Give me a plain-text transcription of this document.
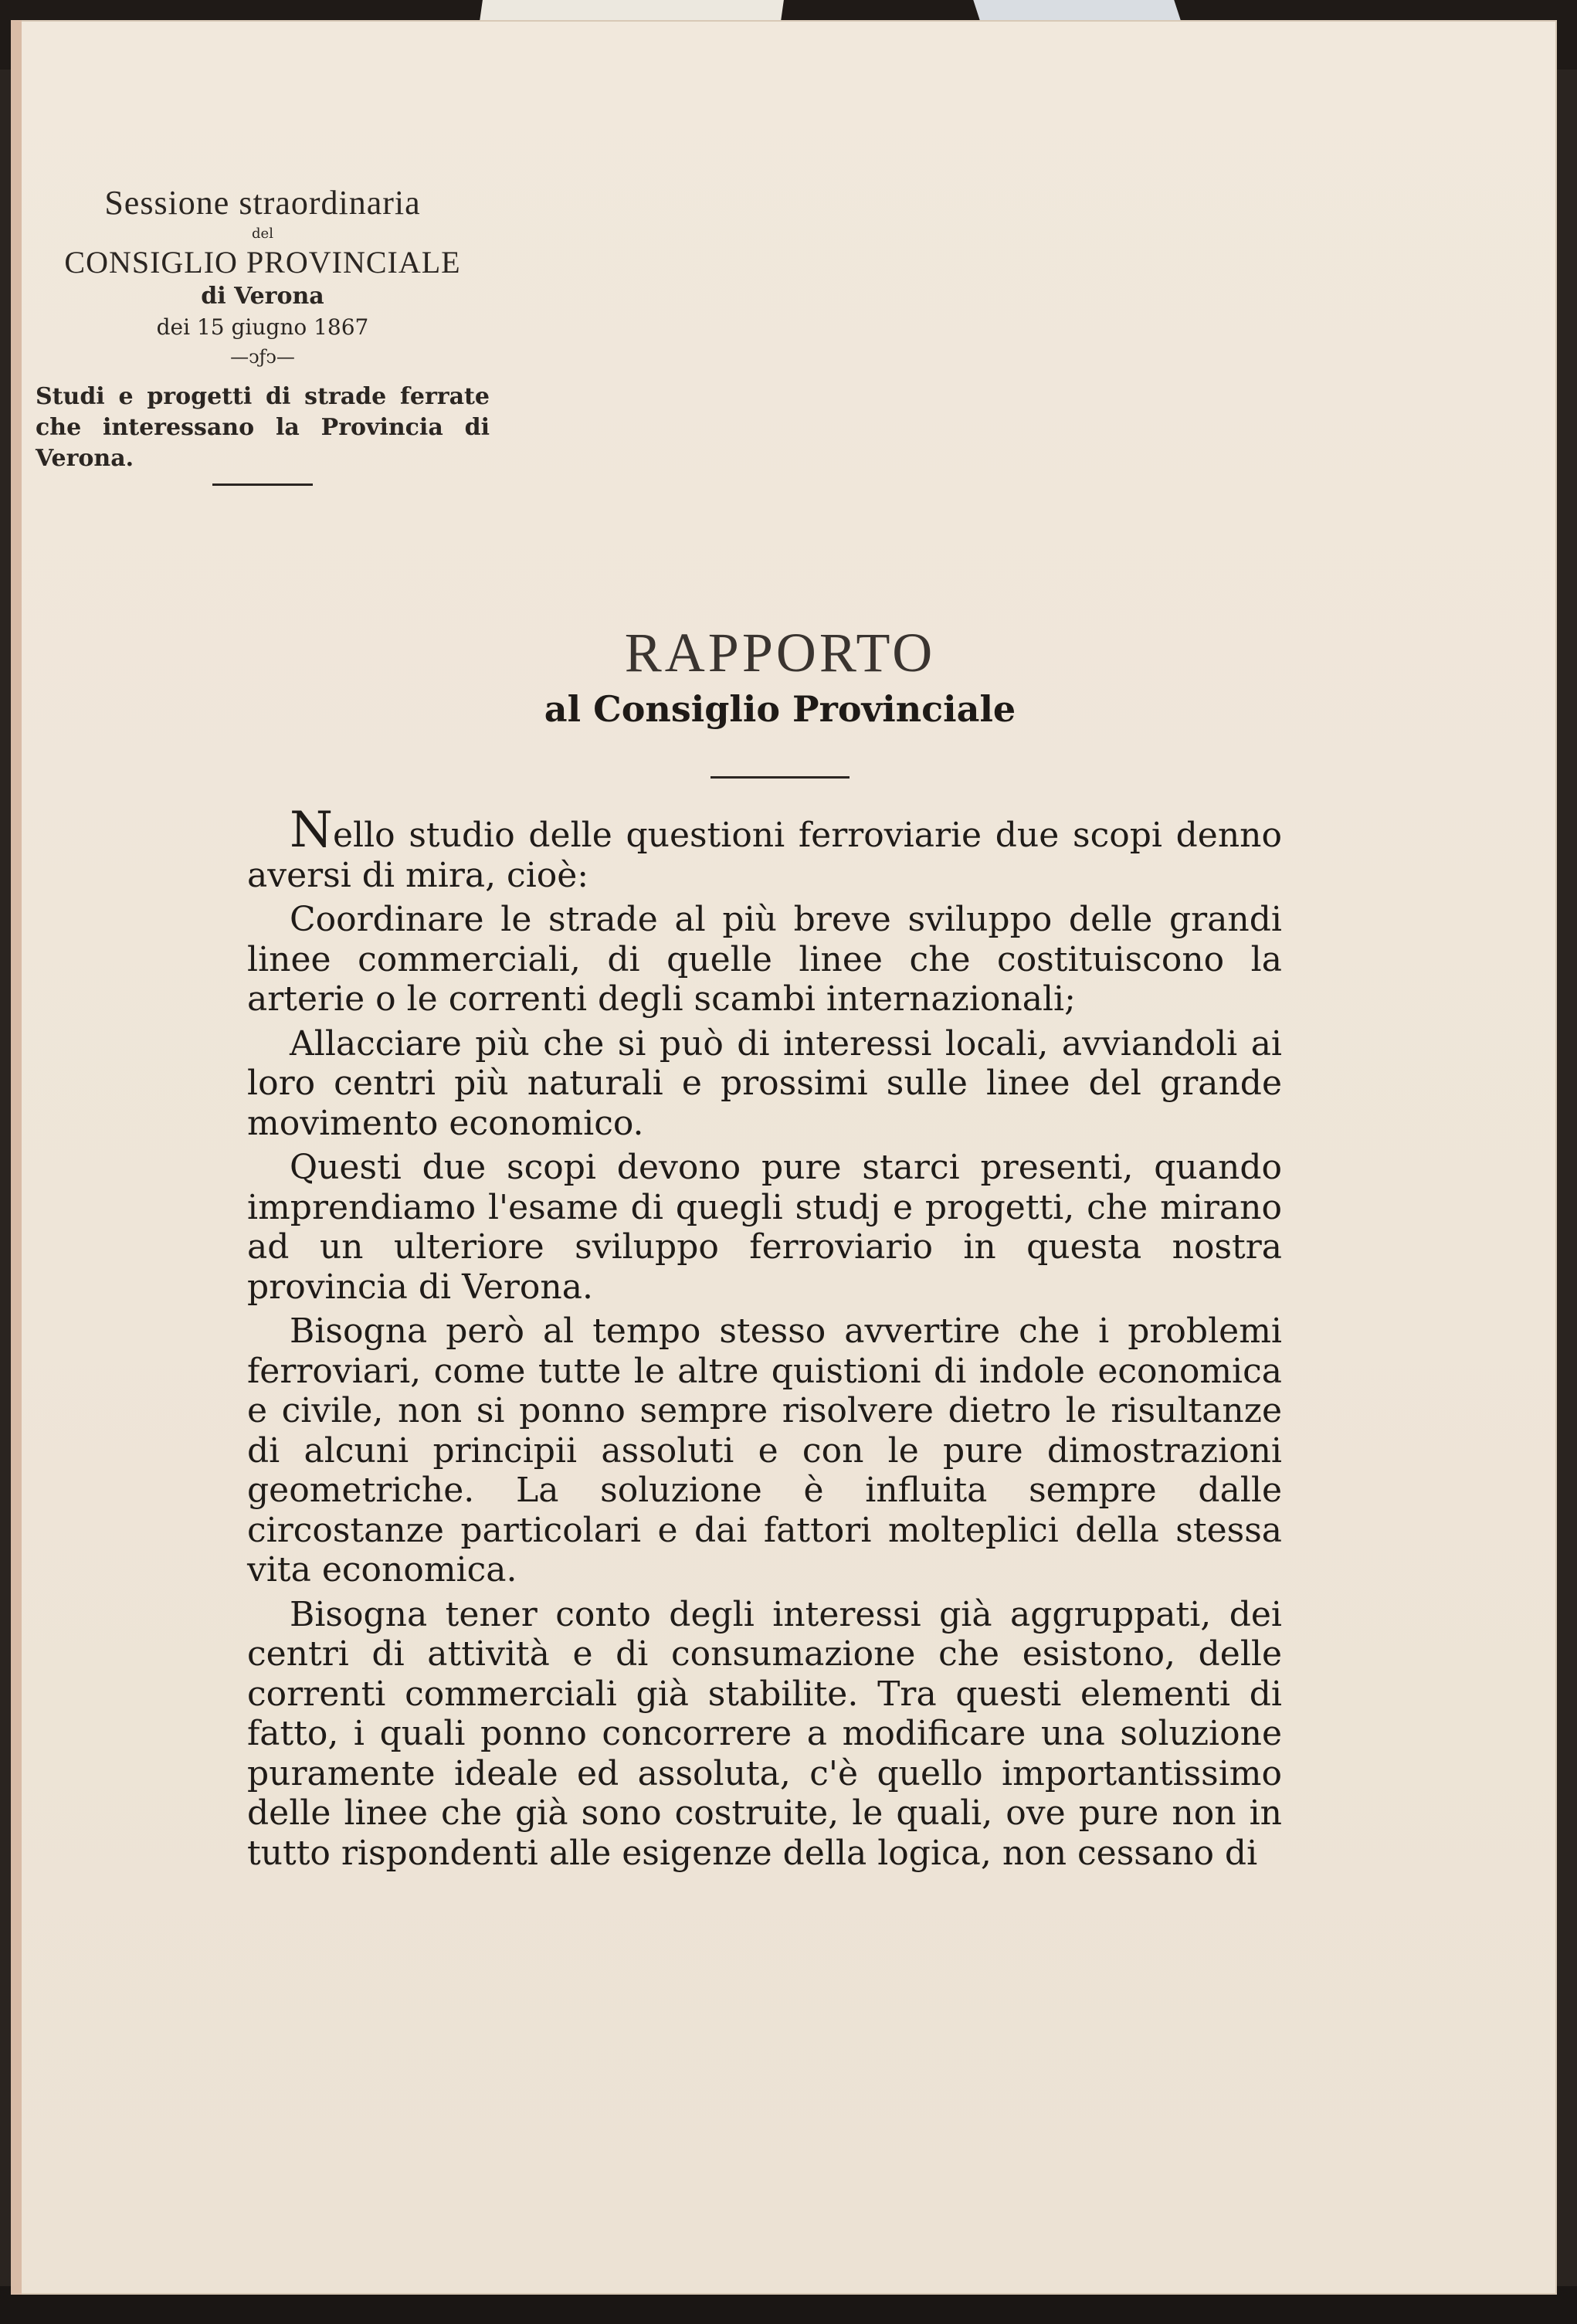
Sessione straordinaria
del
CONSIGLIO PROVINCIALE
di Verona
dei 15 giugno 1867
—ↄƒↄ—
Studi e progetti di strade ferrate che interessano la Provincia di Verona.
RAPPORTO
al Consiglio Provinciale

Nello studio delle questioni ferroviarie due scopi denno aversi di mira, cioè:

Coordinare le strade al più breve sviluppo delle grandi linee commerciali, di quelle linee che costituiscono la arterie o le correnti degli scambi internazionali;

Allacciare più che si può di interessi locali, avviandoli ai loro centri più naturali e prossimi sulle linee del grande movimento economico.

Questi due scopi devono pure starci presenti, quando imprendiamo l'esame di quegli studj e progetti, che mirano ad un ulteriore sviluppo ferroviario in questa nostra provincia di Verona.

Bisogna però al tempo stesso avvertire che i problemi ferroviari, come tutte le altre quistioni di indole economica e civile, non si ponno sempre risolvere dietro le risultanze di alcuni principii assoluti e con le pure dimostrazioni geometriche. La soluzione è influita sempre dalle circostanze particolari e dai fattori molteplici della stessa vita economica.

Bisogna tener conto degli interessi già aggruppati, dei centri di attività e di consumazione che esistono, delle correnti commerciali già stabilite. Tra questi elementi di fatto, i quali ponno concorrere a modificare una soluzione puramente ideale ed assoluta, c'è quello importantissimo delle linee che già sono costruite, le quali, ove pure non in tutto rispondenti alle esigenze della logica, non cessano di
